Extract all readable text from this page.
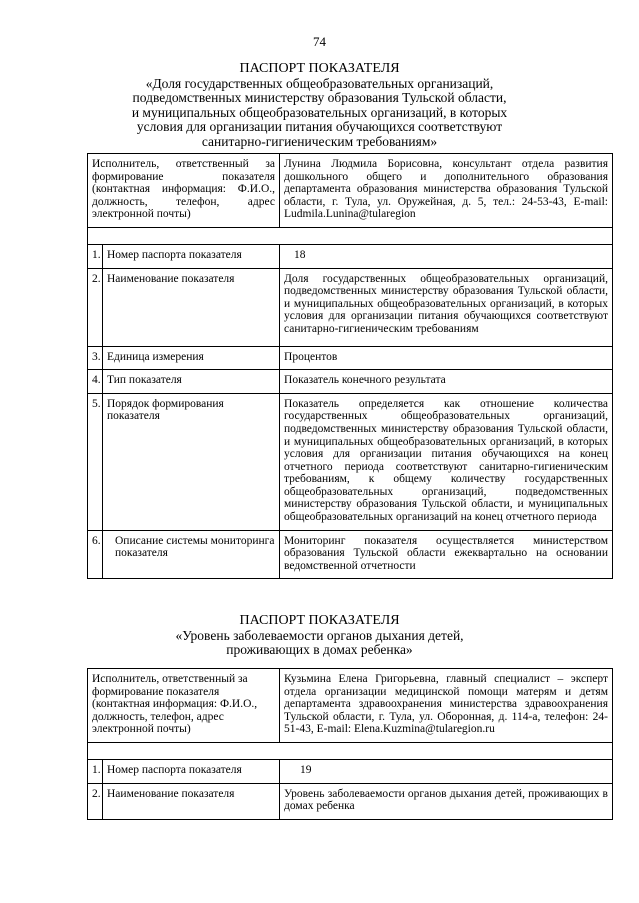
74
ПАСПОРТ ПОКАЗАТЕЛЯ
«Доля государственных общеобразовательных организаций,
подведомственных министерству образования Тульской области,
и муниципальных общеобразовательных организаций, в которых
условия для организации питания обучающихся соответствуют
санитарно-гигиеническим требованиям»
Исполнитель, ответственный за формирование показателя (контактная информация: Ф.И.О., должность, телефон, адрес электронной почты)		Лунина Людмила Борисовна, консультант отдела развития дошкольного общего и дополнительного образования департамента образования министерства образования Тульской области, г. Тула, ул. Оружейная, д. 5, тел.: 24-53-43, E-mail: Ludmila.Lunina@tularegion

1.	Номер паспорта показателя	18
2.	Наименование показателя	Доля государственных общеобразовательных организаций, подведомственных министерству образования Тульской области, и муниципальных общеобразовательных организаций, в которых условия для организации питания обучающихся соответствуют санитарно-гигиеническим требованиям
3.	Единица измерения	Процентов
4.	Тип показателя	Показатель конечного результата
5.	Порядок формирования показателя	Показатель определяется как отношение количества государственных общеобразовательных организаций, подведомственных министерству образования Тульской области, и муниципальных общеобразовательных организаций, в которых условия для организации питания обучающихся на конец отчетного периода соответствуют санитарно-гигиеническим требованиям, к общему количеству государственных общеобразовательных организаций, подведомственных министерству образования Тульской области, и муниципальных общеобразовательных организаций на конец отчетного периода
6.	Описание системы мониторинга показателя	Мониторинг показателя осуществляется министерством образования Тульской области ежеквартально на основании ведомственной отчетности
ПАСПОРТ ПОКАЗАТЕЛЯ
«Уровень заболеваемости органов дыхания детей,
проживающих в домах ребенка»
Исполнитель, ответственный за формирование показателя (контактная информация: Ф.И.О., должность, телефон, адрес электронной почты)		Кузьмина Елена Григорьевна, главный специалист – эксперт отдела организации медицинской помощи матерям и детям департамента здравоохранения министерства здравоохранения Тульской области, г. Тула, ул. Оборонная, д. 114-а, телефон: 24-51-43, E-mail: Elena.Kuzmina@tularegion.ru

1.	Номер паспорта показателя	19
2.	Наименование показателя	Уровень заболеваемости органов дыхания детей, проживающих в домах ребенка
